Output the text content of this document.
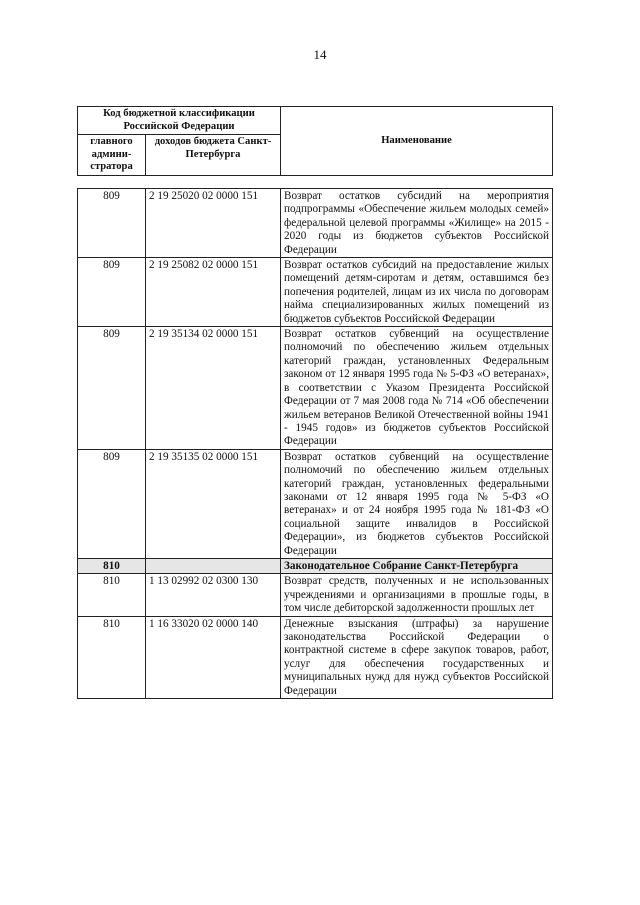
14
Код бюджетной классификации Российской Федерации		Наименование
главного админи-стратора	доходов бюджета Санкт-Петербурга	
809	2 19 25020 02 0000 151	Возврат остатков субсидий на мероприятия подпрограммы «Обеспечение жильем молодых семей» федеральной целевой программы «Жилище» на 2015 - 2020 годы из бюджетов субъектов Российской Федерации
809	2 19 25082 02 0000 151	Возврат остатков субсидий на предоставление жилых помещений детям-сиротам и детям, оставшимся без попечения родителей, лицам из их числа по договорам найма специализированных жилых помещений из бюджетов субъектов Российской Федерации
809	2 19 35134 02 0000 151	Возврат остатков субвенций на осуществление полномочий по обеспечению жильем отдельных категорий граждан, установленных Федеральным законом от 12 января 1995 года № 5-ФЗ «О ветеранах», в соответствии с Указом Президента Российской Федерации от 7 мая 2008 года № 714 «Об обеспечении жильем ветеранов Великой Отечественной войны 1941 - 1945 годов» из бюджетов субъектов Российской Федерации
809	2 19 35135 02 0000 151	Возврат остатков субвенций на осуществление полномочий по обеспечению жильем отдельных категорий граждан, установленных федеральными законами от 12 января 1995 года № 5-ФЗ «О ветеранах» и от 24 ноября 1995 года № 181-ФЗ «О социальной защите инвалидов в Российской Федерации», из бюджетов субъектов Российской Федерации
810		Законодательное Собрание Санкт-Петербурга
810	1 13 02992 02 0300 130	Возврат средств, полученных и не использованных учреждениями и организациями в прошлые годы, в том числе дебиторской задолженности прошлых лет
810	1 16 33020 02 0000 140	Денежные взыскания (штрафы) за нарушение законодательства Российской Федерации о контрактной системе в сфере закупок товаров, работ, услуг для обеспечения государственных и муниципальных нужд для нужд субъектов Российской Федерации
